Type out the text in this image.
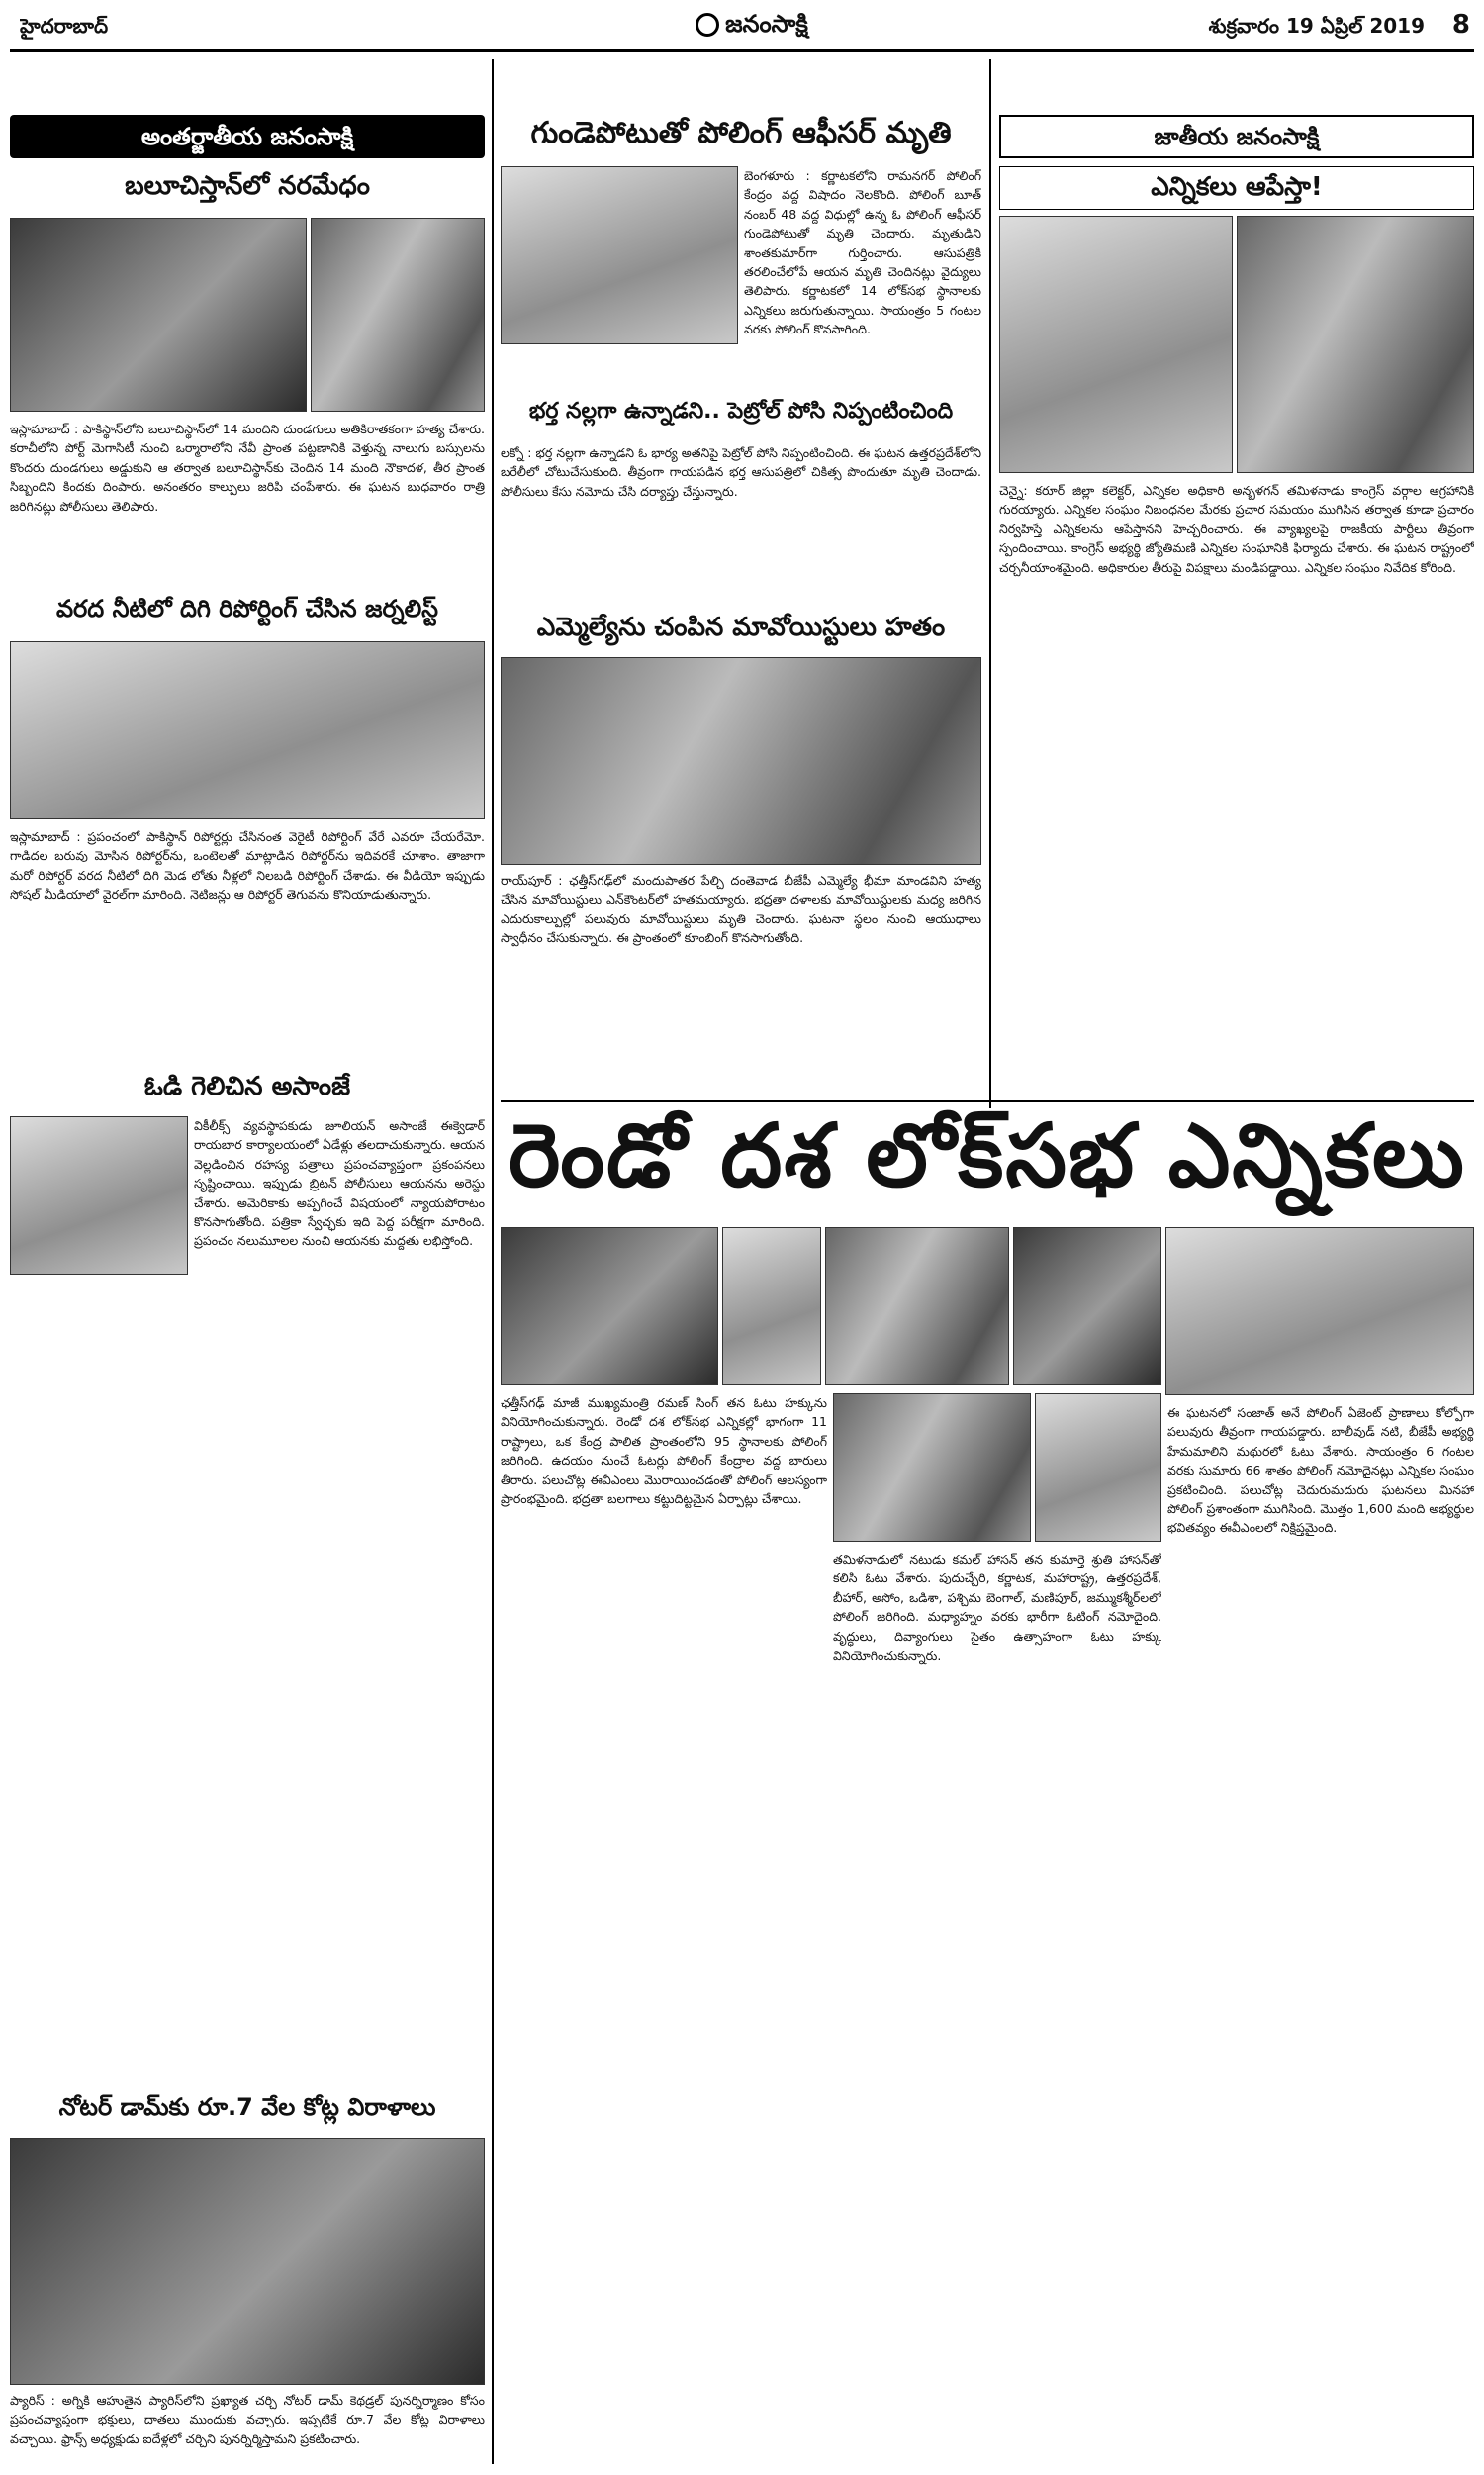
హైదరాబాద్	జనంసాక్షి	శుక్రవారం 19 ఏప్రిల్ 2019	8
అంతర్జాతీయ జనంసాక్షి
బలూచిస్తాన్‌లో నరమేధం
ఇస్లామాబాద్‌ : పాకిస్థాన్‌లోని బలూచిస్థాన్‌లో 14 మందిని దుండగులు అతికిరాతకంగా హత్య చేశారు. కరాచీలోని పోర్ట్‌ మెగాసిటీ నుంచి ఒర్మారాలోని నేవీ ప్రాంత పట్టణానికి వెళ్తున్న నాలుగు బస్సులను కొందరు దుండగులు అడ్డుకుని ఆ తర్వాత బలూచిస్థాన్‌కు చెందిన 14 మంది నౌకాదళ, తీర ప్రాంత సిబ్బందిని కిందకు దింపారు. అనంతరం కాల్పులు జరిపి చంపేశారు. ఈ ఘటన బుధవారం రాత్రి జరిగినట్లు పోలీసులు తెలిపారు.
వరద నీటిలో దిగి రిపోర్టింగ్‌ చేసిన జర్నలిస్ట్‌
ఇస్లామాబాద్‌ : ప్రపంచంలో పాకిస్థాన్‌ రిపోర్టర్లు చేసినంత వెరైటీ రిపోర్టింగ్‌ వేరే ఎవరూ చేయరేమో. గాడిదల బరువు మోసిన రిపోర్టర్‌ను, ఒంటెలతో మాట్లాడిన రిపోర్టర్‌ను ఇదివరకే చూశాం. తాజాగా మరో రిపోర్టర్‌ వరద నీటిలో దిగి మెడ లోతు నీళ్లలో నిలబడి రిపోర్టింగ్‌ చేశాడు. ఈ వీడియో ఇప్పుడు సోషల్‌ మీడియాలో వైరల్‌గా మారింది. నెటిజన్లు ఆ రిపోర్టర్‌ తెగువను కొనియాడుతున్నారు.
ఓడి గెలిచిన అసాంజే
వికీలీక్స్‌ వ్యవస్థాపకుడు జూలియన్‌ అసాంజే ఈక్వెడార్‌ రాయబార కార్యాలయంలో ఏడేళ్లు తలదాచుకున్నారు. ఆయన వెల్లడించిన రహస్య పత్రాలు ప్రపంచవ్యాప్తంగా ప్రకంపనలు సృష్టించాయి. ఇప్పుడు బ్రిటన్‌ పోలీసులు ఆయనను అరెస్టు చేశారు. అమెరికాకు అప్పగించే విషయంలో న్యాయపోరాటం కొనసాగుతోంది. పత్రికా స్వేచ్ఛకు ఇది పెద్ద పరీక్షగా మారింది. ప్రపంచం నలుమూలల నుంచి ఆయనకు మద్దతు లభిస్తోంది.
నోటర్‌ డామ్‌కు రూ.7 వేల కోట్ల విరాళాలు
ప్యారిస్‌ : అగ్నికి ఆహుతైన ప్యారిస్‌లోని ప్రఖ్యాత చర్చి నోటర్‌ డామ్‌ కెథడ్రల్‌ పునర్నిర్మాణం కోసం ప్రపంచవ్యాప్తంగా భక్తులు, దాతలు ముందుకు వచ్చారు. ఇప్పటికే రూ.7 వేల కోట్ల విరాళాలు వచ్చాయి. ఫ్రాన్స్‌ అధ్యక్షుడు ఐదేళ్లలో చర్చిని పునర్నిర్మిస్తామని ప్రకటించారు.
గుండెపోటుతో పోలింగ్‌ ఆఫీసర్‌ మృతి
బెంగళూరు : కర్ణాటకలోని రామనగర్‌ పోలింగ్‌ కేంద్రం వద్ద విషాదం నెలకొంది. పోలింగ్‌ బూత్‌ నంబర్‌ 48 వద్ద విధుల్లో ఉన్న ఓ పోలింగ్‌ ఆఫీసర్‌ గుండెపోటుతో మృతి చెందారు. మృతుడిని శాంతకుమార్‌గా గుర్తించారు. ఆసుపత్రికి తరలించేలోపే ఆయన మృతి చెందినట్లు వైద్యులు తెలిపారు. కర్ణాటకలో 14 లోక్‌సభ స్థానాలకు ఎన్నికలు జరుగుతున్నాయి. సాయంత్రం 5 గంటల వరకు పోలింగ్‌ కొనసాగింది.
భర్త నల్లగా ఉన్నాడని.. పెట్రోల్‌ పోసి నిప్పంటించింది
లక్నో : భర్త నల్లగా ఉన్నాడని ఓ భార్య అతనిపై పెట్రోల్‌ పోసి నిప్పంటించింది. ఈ ఘటన ఉత్తరప్రదేశ్‌లోని బరేలీలో చోటుచేసుకుంది. తీవ్రంగా గాయపడిన భర్త ఆసుపత్రిలో చికిత్స పొందుతూ మృతి చెందాడు. పోలీసులు కేసు నమోదు చేసి దర్యాప్తు చేస్తున్నారు.
ఎమ్మెల్యేను చంపిన మావోయిస్టులు హతం
రాయ్‌పూర్‌ : ఛత్తీస్‌గఢ్‌లో మందుపాతర పేల్చి దంతెవాడ బీజేపీ ఎమ్మెల్యే భీమా మాండవిని హత్య చేసిన మావోయిస్టులు ఎన్‌కౌంటర్‌లో హతమయ్యారు. భద్రతా దళాలకు మావోయిస్టులకు మధ్య జరిగిన ఎదురుకాల్పుల్లో పలువురు మావోయిస్టులు మృతి చెందారు. ఘటనా స్థలం నుంచి ఆయుధాలు స్వాధీనం చేసుకున్నారు. ఈ ప్రాంతంలో కూంబింగ్‌ కొనసాగుతోంది.
జాతీయ జనంసాక్షి
ఎన్నికలు ఆపేస్తా!
చెన్నై: కరూర్‌ జిల్లా కలెక్టర్‌, ఎన్నికల అధికారి అన్బళగన్‌ తమిళనాడు కాంగ్రెస్‌ వర్గాల ఆగ్రహానికి గురయ్యారు. ఎన్నికల సంఘం నిబంధనల మేరకు ప్రచార సమయం ముగిసిన తర్వాత కూడా ప్రచారం నిర్వహిస్తే ఎన్నికలను ఆపేస్తానని హెచ్చరించారు. ఈ వ్యాఖ్యలపై రాజకీయ పార్టీలు తీవ్రంగా స్పందించాయి. కాంగ్రెస్‌ అభ్యర్థి జ్యోతిమణి ఎన్నికల సంఘానికి ఫిర్యాదు చేశారు. ఈ ఘటన రాష్ట్రంలో చర్చనీయాంశమైంది. అధికారుల తీరుపై విపక్షాలు మండిపడ్డాయి. ఎన్నికల సంఘం నివేదిక కోరింది.
రెండో దశ లోక్‌సభ ఎన్నికలు
ఛత్తీస్‌గఢ్‌ మాజీ ముఖ్యమంత్రి రమణ్‌ సింగ్‌ తన ఓటు హక్కును వినియోగించుకున్నారు. రెండో దశ లోక్‌సభ ఎన్నికల్లో భాగంగా 11 రాష్ట్రాలు, ఒక కేంద్ర పాలిత ప్రాంతంలోని 95 స్థానాలకు పోలింగ్‌ జరిగింది. ఉదయం నుంచే ఓటర్లు పోలింగ్‌ కేంద్రాల వద్ద బారులు తీరారు. పలుచోట్ల ఈవీఎంలు మొరాయించడంతో పోలింగ్‌ ఆలస్యంగా ప్రారంభమైంది. భద్రతా బలగాలు కట్టుదిట్టమైన ఏర్పాట్లు చేశాయి.
తమిళనాడులో నటుడు కమల్‌ హాసన్‌ తన కుమార్తె శ్రుతి హాసన్‌తో కలిసి ఓటు వేశారు. పుదుచ్చేరి, కర్ణాటక, మహారాష్ట్ర, ఉత్తరప్రదేశ్‌, బీహార్‌, అసోం, ఒడిశా, పశ్చిమ బెంగాల్‌, మణిపూర్‌, జమ్ముకశ్మీర్‌లలో పోలింగ్‌ జరిగింది. మధ్యాహ్నం వరకు భారీగా ఓటింగ్‌ నమోదైంది. వృద్ధులు, దివ్యాంగులు సైతం ఉత్సాహంగా ఓటు హక్కు వినియోగించుకున్నారు.
ఈ ఘటనలో సంజాత్‌ అనే పోలింగ్‌ ఏజెంట్‌ ప్రాణాలు కోల్పోగా పలువురు తీవ్రంగా గాయపడ్డారు. బాలీవుడ్‌ నటి, బీజేపీ అభ్యర్థి హేమమాలిని మథురలో ఓటు వేశారు. సాయంత్రం 6 గంటల వరకు సుమారు 66 శాతం పోలింగ్‌ నమోదైనట్లు ఎన్నికల సంఘం ప్రకటించింది. పలుచోట్ల చెదురుమదురు ఘటనలు మినహా పోలింగ్‌ ప్రశాంతంగా ముగిసింది. మొత్తం 1,600 మంది అభ్యర్థుల భవితవ్యం ఈవీఎంలలో నిక్షిప్తమైంది.
